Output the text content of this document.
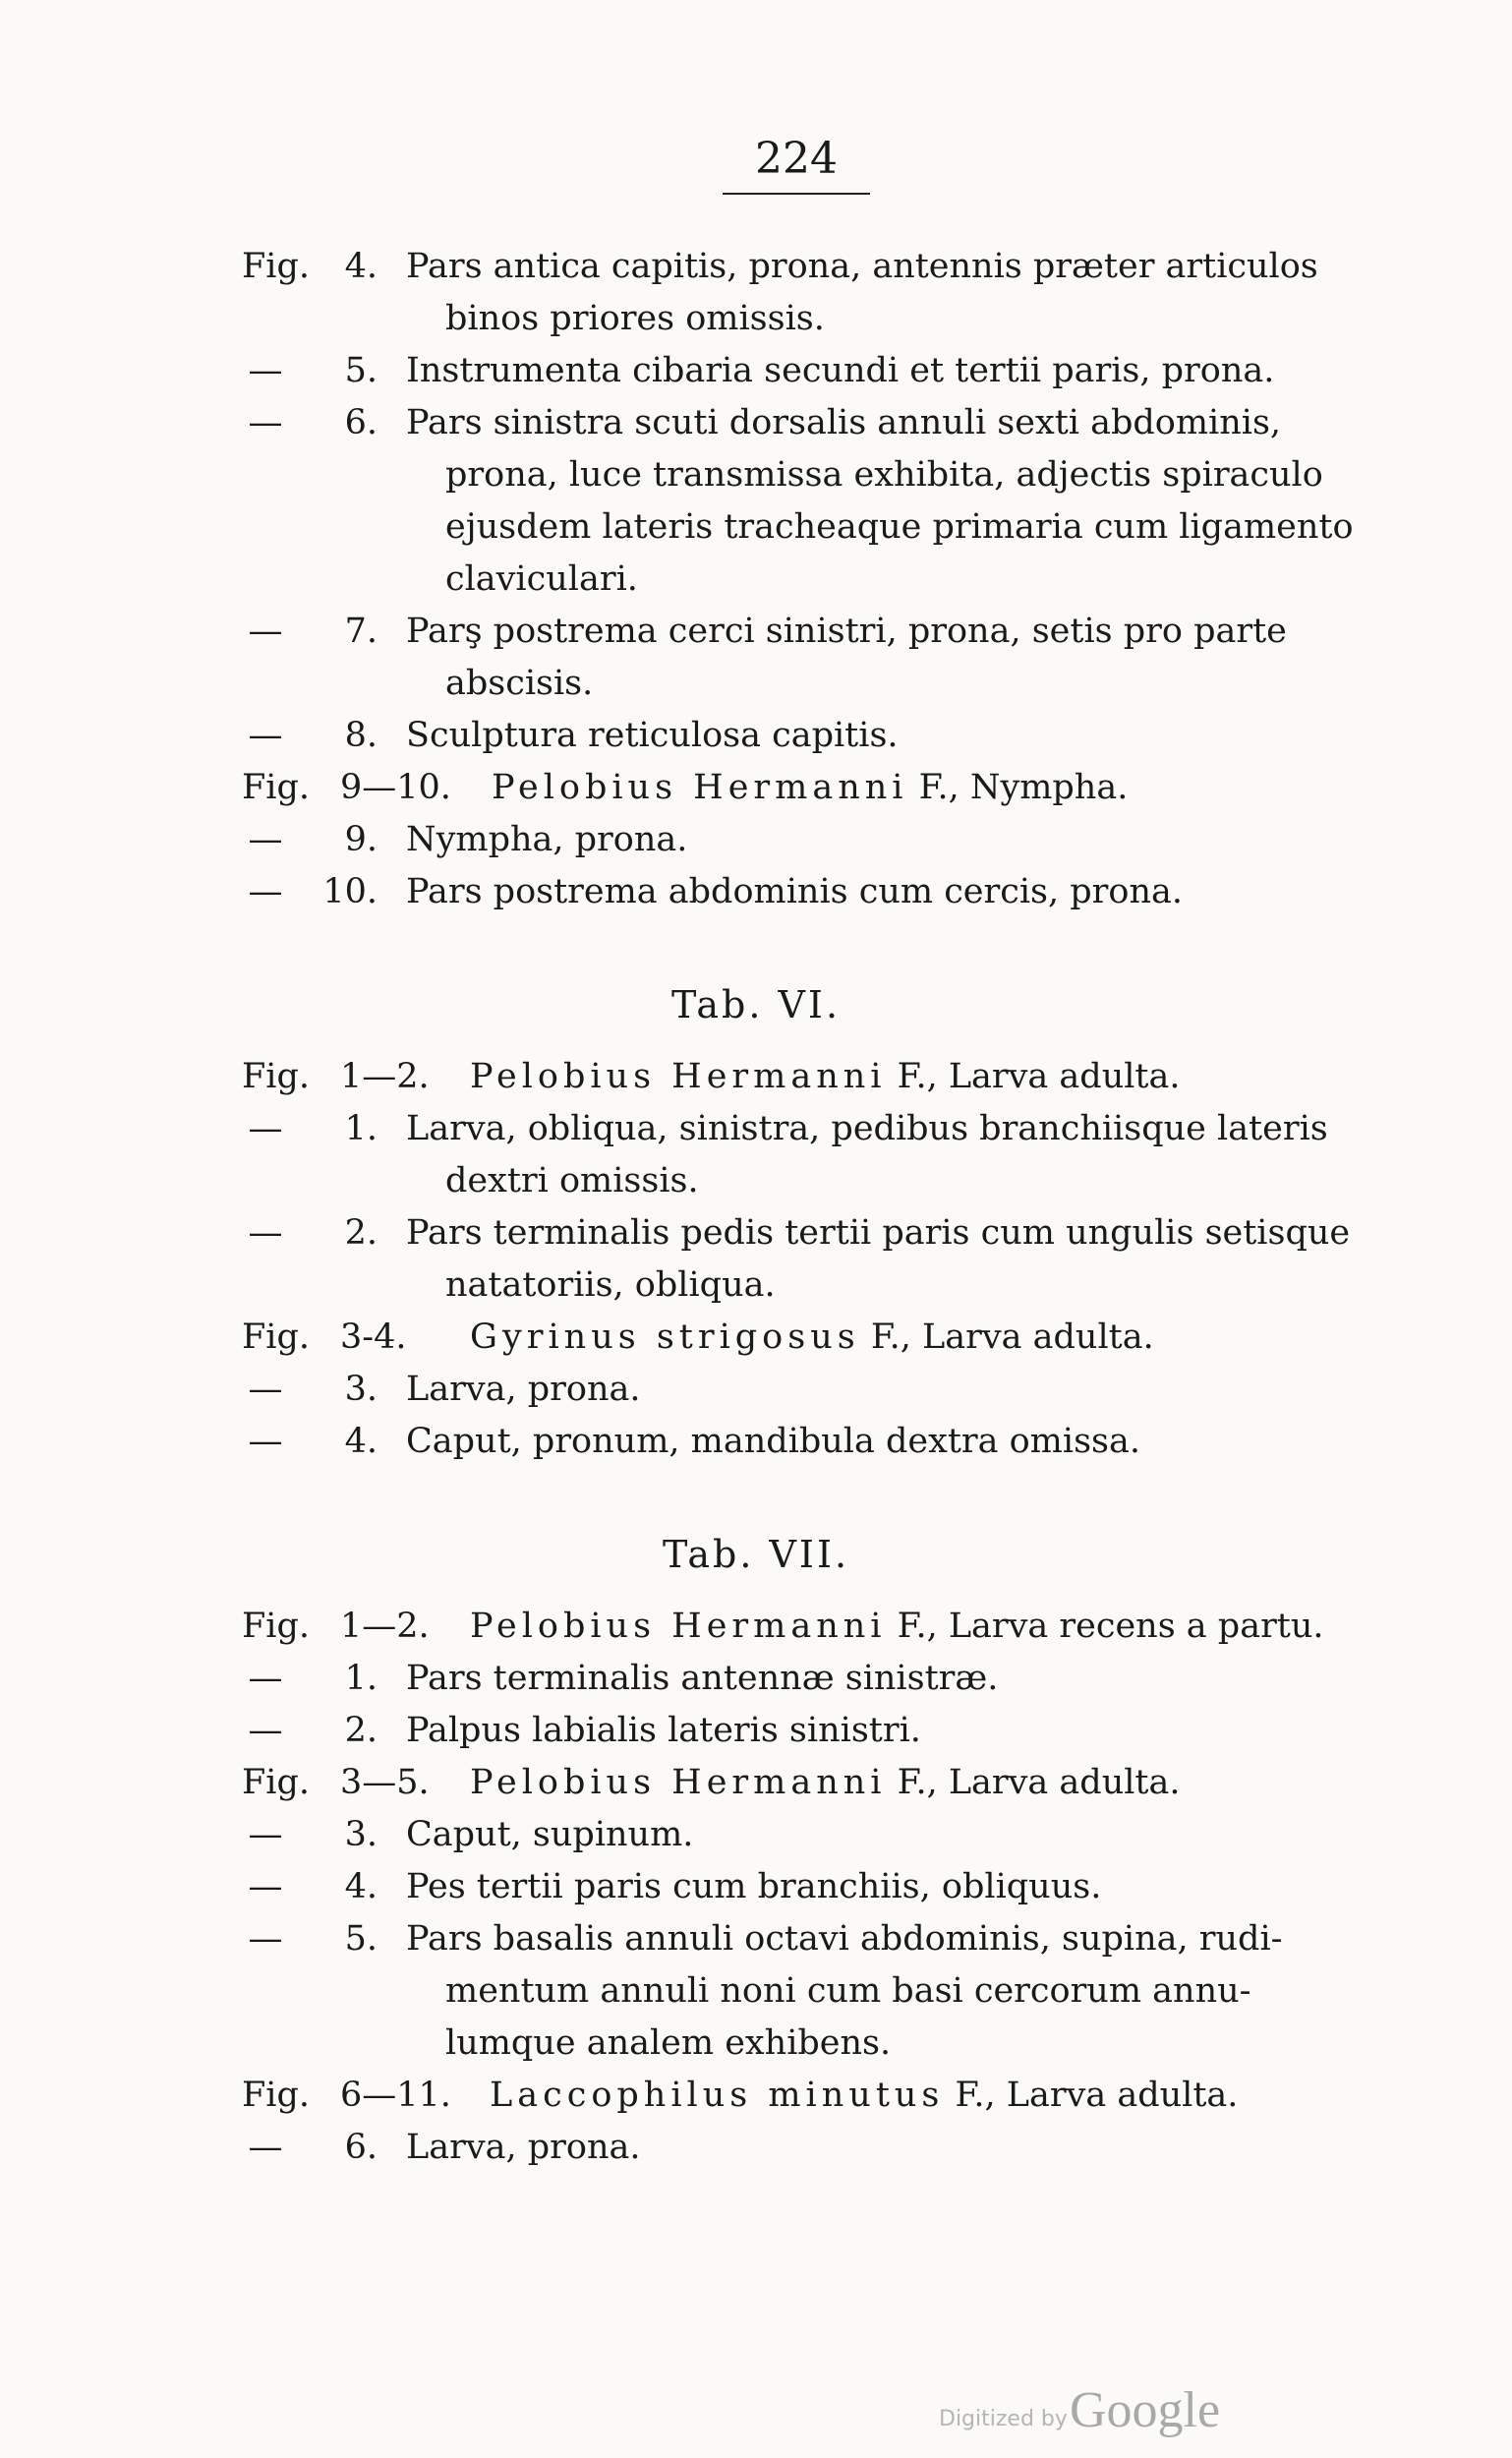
224
Fig.	4. Pars antica capitis, prona, antennis præter articulos
binos priores omissis.
—	5. Instrumenta cibaria secundi et tertii paris, prona.
—	6. Pars sinistra scuti dorsalis annuli sexti abdominis,
prona, luce transmissa exhibita, adjectis spiraculo
ejusdem lateris tracheaque primaria cum ligamento
claviculari.
—	7. Parş postrema cerci sinistri, prona, setis pro parte
abscisis.
—	8. Sculptura reticulosa capitis.
Fig. 9—10.	Pelobius Hermanni F., Nympha.
—	9. Nympha, prona.
—	10. Pars postrema abdominis cum cercis, prona.
Tab. VI.
Fig. 1—2.	Pelobius Hermanni F., Larva adulta.
—	1. Larva, obliqua, sinistra, pedibus branchiisque lateris
dextri omissis.
—	2. Pars terminalis pedis tertii paris cum ungulis setisque
natatoriis, obliqua.
Fig. 3-4.	Gyrinus strigosus F., Larva adulta.
—	3. Larva, prona.
—	4. Caput, pronum, mandibula dextra omissa.
Tab. VII.
Fig. 1—2.	Pelobius Hermanni F., Larva recens a partu.
—	1. Pars terminalis antennæ sinistræ.
—	2. Palpus labialis lateris sinistri.
Fig. 3—5.	Pelobius Hermanni F., Larva adulta.
—	3. Caput, supinum.
—	4. Pes tertii paris cum branchiis, obliquus.
—	5. Pars basalis annuli octavi abdominis, supina, rudi-
mentum annuli noni cum basi cercorum annu-
lumque analem exhibens.
Fig. 6—11.	Laccophilus minutus F., Larva adulta.
—	6. Larva, prona.
Digitized by Google
